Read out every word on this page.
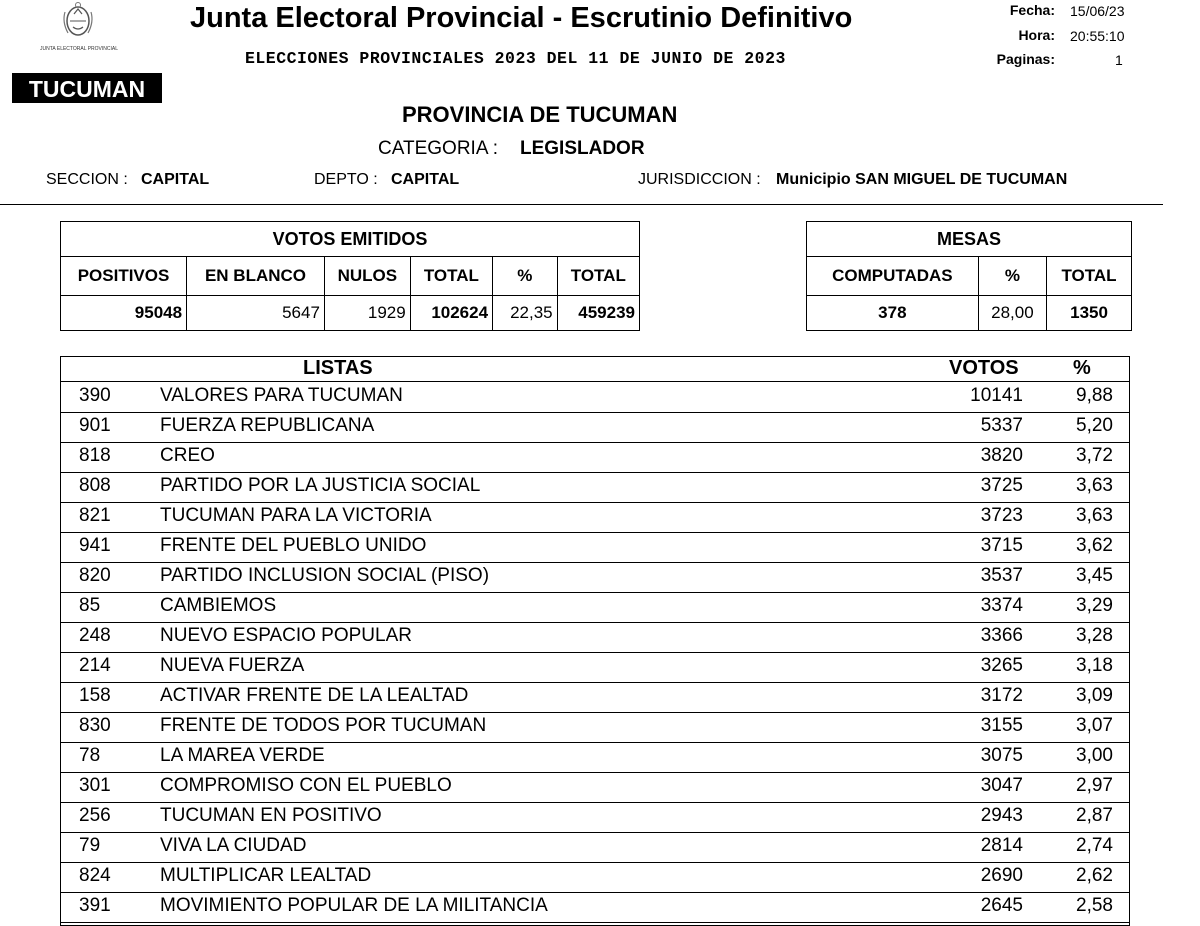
JUNTA ELECTORAL PROVINCIAL
TUCUMAN
Junta Electoral Provincial - Escrutinio Definitivo
ELECCIONES PROVINCIALES 2023 DEL 11 DE JUNIO DE 2023
Fecha: 15/06/23
Hora: 20:55:10
Paginas:	1
PROVINCIA DE TUCUMAN
CATEGORIA : LEGISLADOR
SECCION : CAPITAL	DEPTO : CAPITAL	JURISDICCION : Municipio SAN MIGUEL DE TUCUMAN
VOTOS EMITIDOS					
POSITIVOS	EN BLANCO	NULOS	TOTAL	%	TOTAL
95048	5647	1929	102624	22,35	459239
MESAS		
COMPUTADAS	%	TOTAL
378	28,00	1350
LISTAS	VOTOS	%
390	VALORES PARA TUCUMAN	10141	9,88
901	FUERZA REPUBLICANA	5337	5,20
818	CREO	3820	3,72
808	PARTIDO POR LA JUSTICIA SOCIAL	3725	3,63
821	TUCUMAN PARA LA VICTORIA	3723	3,63
941	FRENTE DEL PUEBLO UNIDO	3715	3,62
820	PARTIDO INCLUSION SOCIAL (PISO)	3537	3,45
85	CAMBIEMOS	3374	3,29
248	NUEVO ESPACIO POPULAR	3366	3,28
214	NUEVA FUERZA	3265	3,18
158	ACTIVAR FRENTE DE LA LEALTAD	3172	3,09
830	FRENTE DE TODOS POR TUCUMAN	3155	3,07
78	LA MAREA VERDE	3075	3,00
301	COMPROMISO CON EL PUEBLO	3047	2,97
256	TUCUMAN EN POSITIVO	2943	2,87
79	VIVA LA CIUDAD	2814	2,74
824	MULTIPLICAR LEALTAD	2690	2,62
391	MOVIMIENTO POPULAR DE LA MILITANCIA	2645	2,58
